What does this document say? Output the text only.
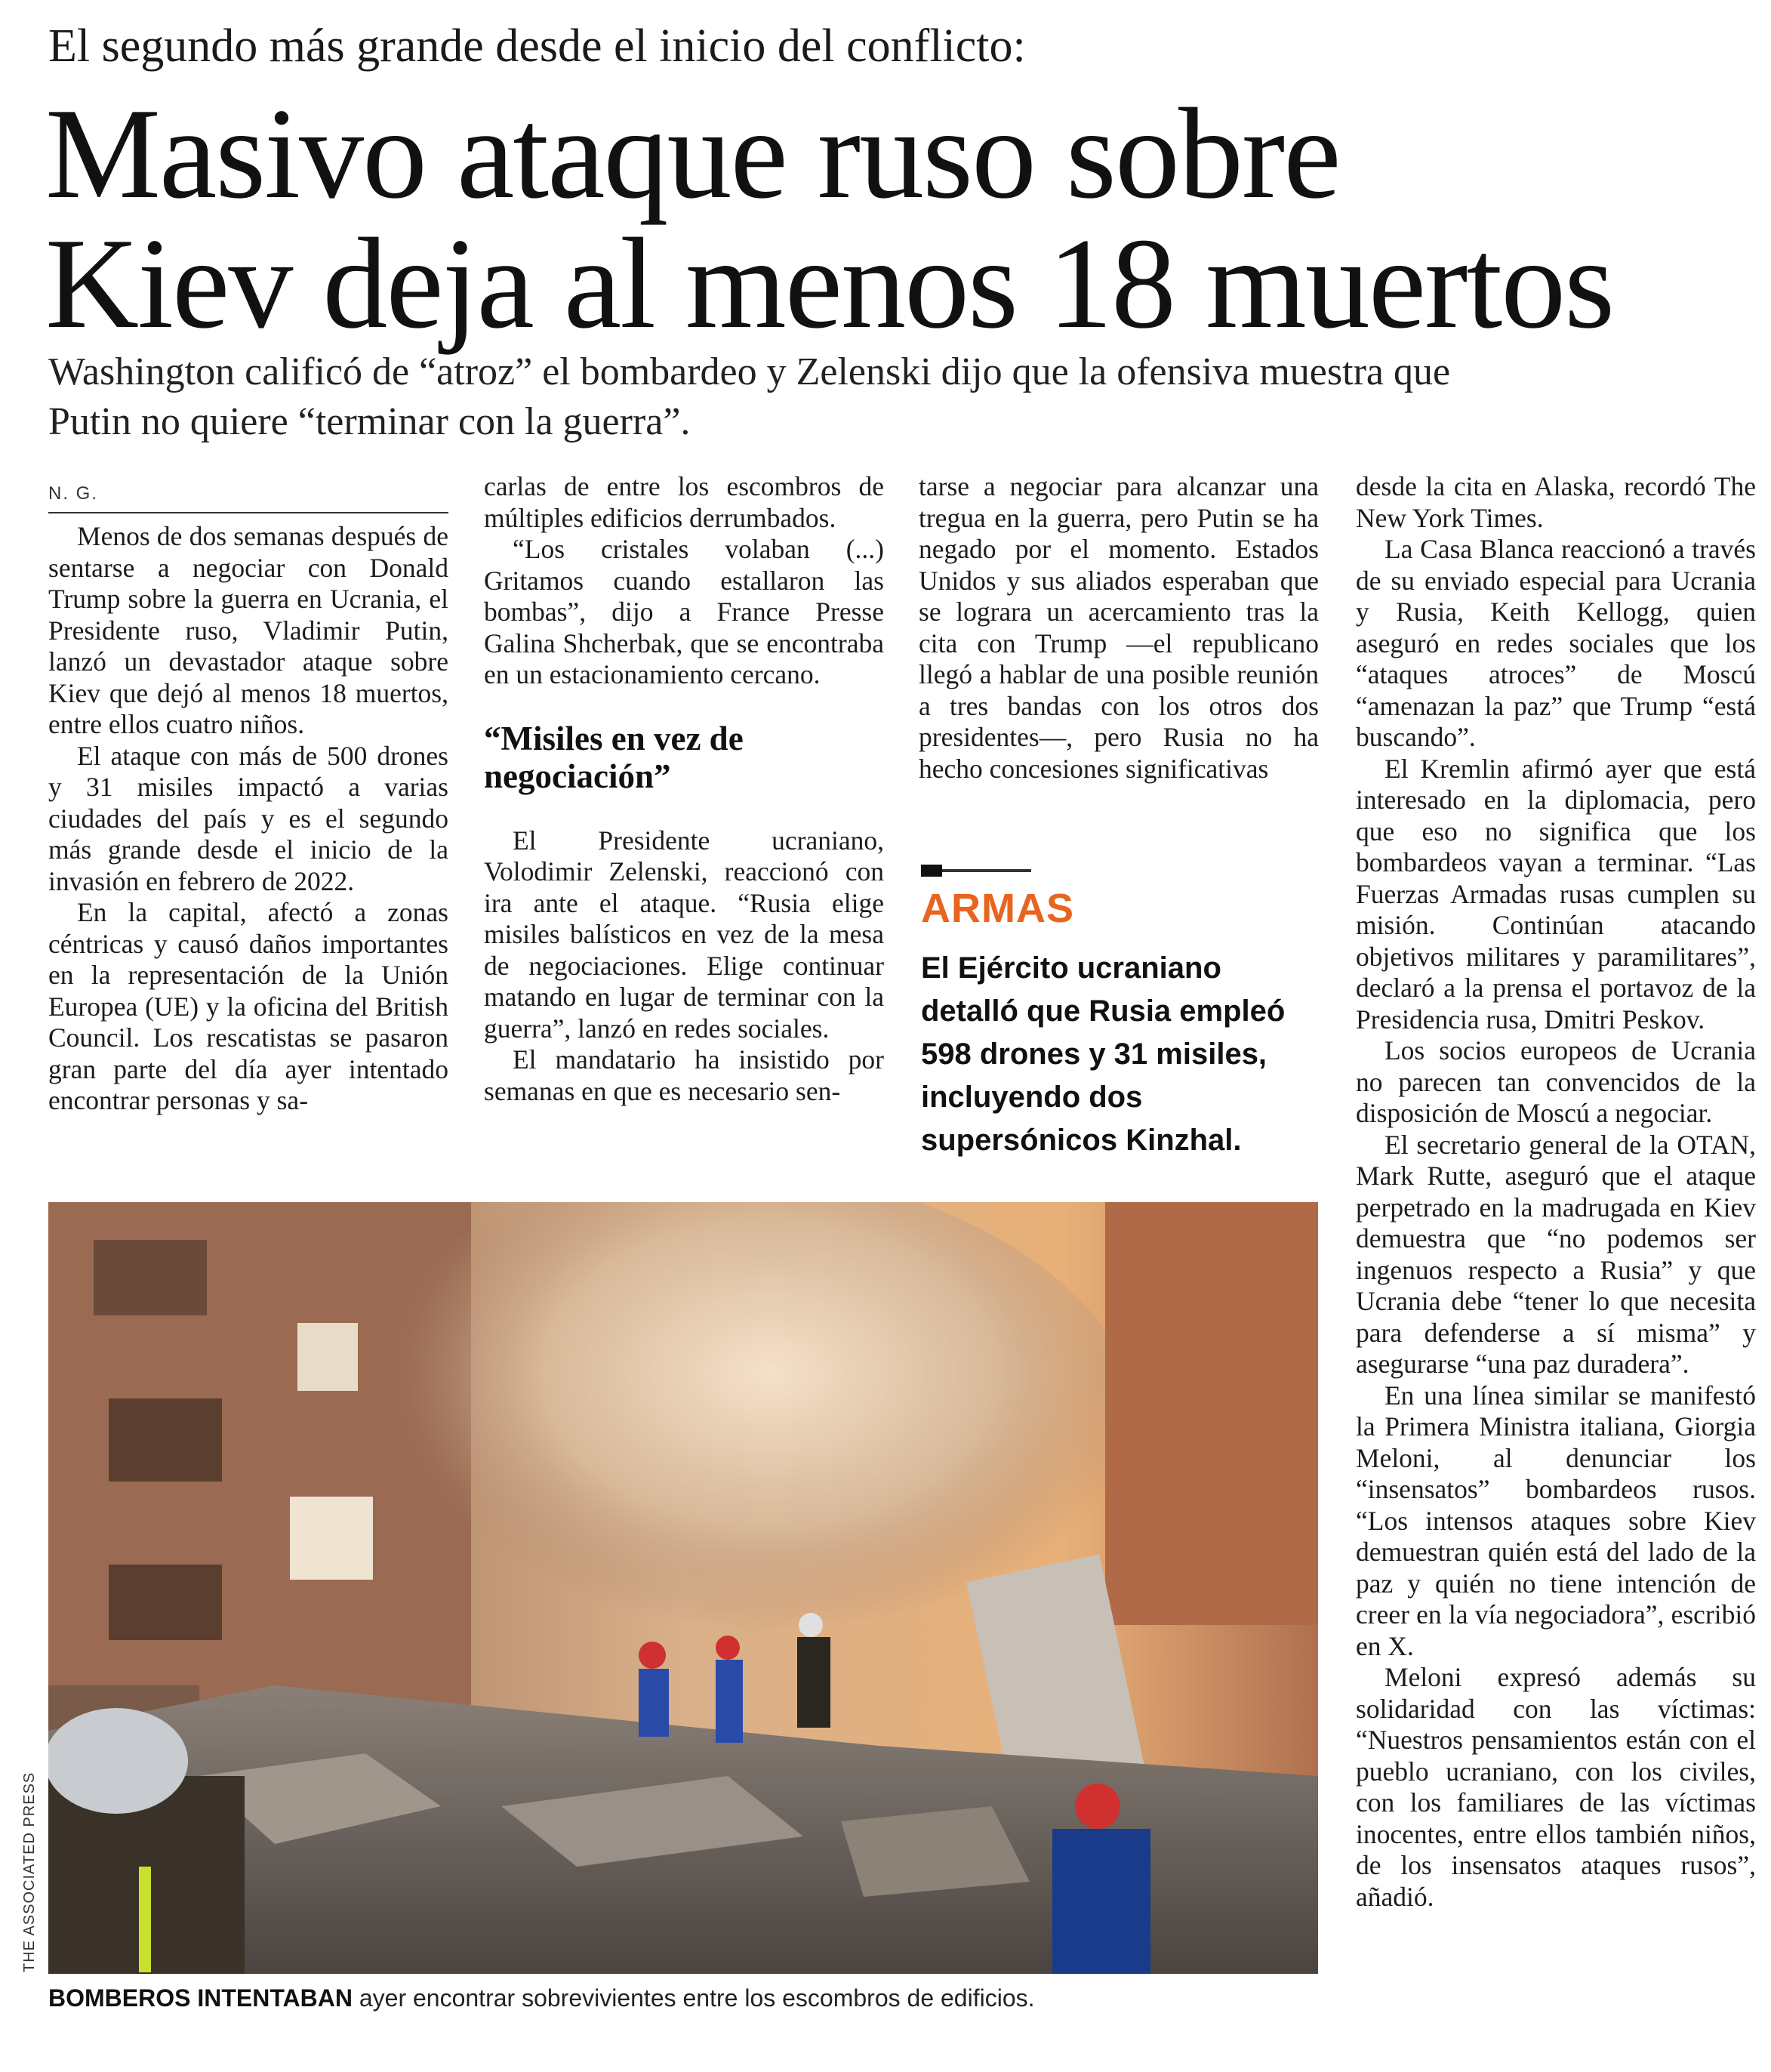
El segundo más grande desde el inicio del conflicto:
Masivo ataque ruso sobre
Kiev deja al menos 18 muertos
Washington calificó de “atroz” el bombardeo y Zelenski dijo que la ofensiva muestra que
Putin no quiere “terminar con la guerra”.
N. G.

Menos de dos semanas después de sentarse a negociar con Donald Trump sobre la guerra en Ucrania, el Presidente ruso, Vladimir Putin, lanzó un devastador ataque sobre Kiev que dejó al menos 18 muertos, entre ellos cuatro niños.

El ataque con más de 500 drones y 31 misiles impactó a varias ciudades del país y es el segundo más grande desde el inicio de la invasión en febrero de 2022.

En la capital, afectó a zonas céntricas y causó daños importantes en la representación de la Unión Europea (UE) y la oficina del British Council. Los rescatistas se pasaron gran parte del día ayer intentado encontrar personas y sa-

carlas de entre los escombros de múltiples edificios derrumbados.

“Los cristales volaban (...) Gritamos cuando estallaron las bombas”, dijo a France Presse Galina Shcherbak, que se encontraba en un estacionamiento cercano.

“Misiles en vez de negociación”

El Presidente ucraniano, Volodimir Zelenski, reaccionó con ira ante el ataque. “Rusia elige misiles balísticos en vez de la mesa de negociaciones. Elige continuar matando en lugar de terminar con la guerra”, lanzó en redes sociales.

El mandatario ha insistido por semanas en que es necesario sen-

tarse a negociar para alcanzar una tregua en la guerra, pero Putin se ha negado por el momento. Estados Unidos y sus aliados esperaban que se lograra un acercamiento tras la cita con Trump —el republicano llegó a hablar de una posible reunión a tres bandas con los otros dos presidentes—, pero Rusia no ha hecho concesiones significativas

ARMAS
El Ejército ucraniano
detalló que Rusia empleó
598 drones y 31 misiles,
incluyendo dos
supersónicos Kinzhal.

desde la cita en Alaska, recordó The New York Times.

La Casa Blanca reaccionó a través de su enviado especial para Ucrania y Rusia, Keith Kellogg, quien aseguró en redes sociales que los “ataques atroces” de Moscú “amenazan la paz” que Trump “está buscando”.

El Kremlin afirmó ayer que está interesado en la diplomacia, pero que eso no significa que los bombardeos vayan a terminar. “Las Fuerzas Armadas rusas cumplen su misión. Continúan atacando objetivos militares y paramilitares”, declaró a la prensa el portavoz de la Presidencia rusa, Dmitri Peskov.

Los socios europeos de Ucrania no parecen tan convencidos de la disposición de Moscú a negociar.

El secretario general de la OTAN, Mark Rutte, aseguró que el ataque perpetrado en la madrugada en Kiev demuestra que “no podemos ser ingenuos respecto a Rusia” y que Ucrania debe “tener lo que necesita para defenderse a sí misma” y asegurarse “una paz duradera”.

En una línea similar se manifestó la Primera Ministra italiana, Giorgia Meloni, al denunciar los “insensatos” bombardeos rusos. “Los intensos ataques sobre Kiev demuestran quién está del lado de la paz y quién no tiene intención de creer en la vía negociadora”, escribió en X.

Meloni expresó además su solidaridad con las víctimas: “Nuestros pensamientos están con el pueblo ucraniano, con los civiles, con los familiares de las víctimas inocentes, entre ellos también niños, de los insensatos ataques rusos”, añadió.

THE ASSOCIATED PRESS
BOMBEROS INTENTABAN ayer encontrar sobrevivientes entre los escombros de edificios.
